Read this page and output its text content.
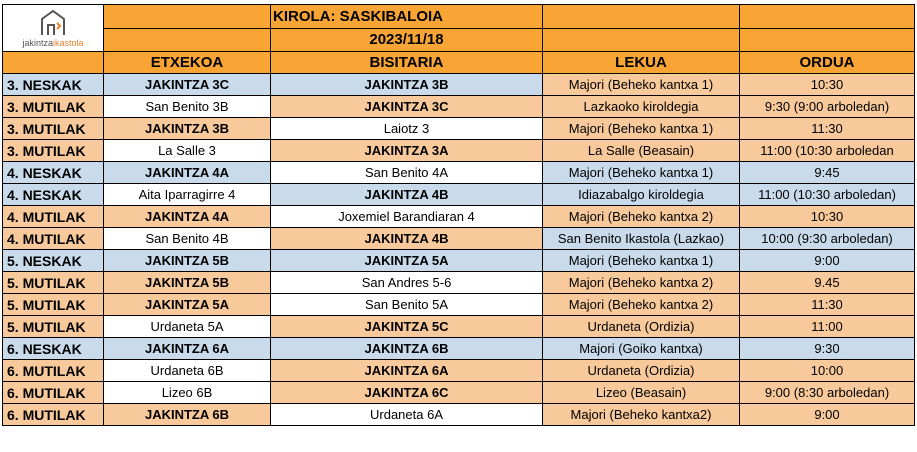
jakintzaikastola		KIROLA: SASKIBALOIA		
		2023/11/18		
	ETXEKOA	BISITARIA	LEKUA	ORDUA
3. NESKAK	JAKINTZA 3C	JAKINTZA 3B	Majori (Beheko kantxa 1)	10:30
3. MUTILAK	San Benito 3B	JAKINTZA 3C	Lazkaoko kiroldegia	9:30 (9:00 arboledan)
3. MUTILAK	JAKINTZA 3B	Laiotz 3	Majori (Beheko kantxa 1)	11:30
3. MUTILAK	La Salle 3	JAKINTZA 3A	La Salle (Beasain)	11:00 (10:30 arboledan
4. NESKAK	JAKINTZA 4A	San Benito 4A	Majori (Beheko kantxa 1)	9:45
4. NESKAK	Aita Iparragirre 4	JAKINTZA 4B	Idiazabalgo kiroldegia	11:00 (10:30 arboledan)
4. MUTILAK	JAKINTZA 4A	Joxemiel Barandiaran 4	Majori (Beheko kantxa 2)	10:30
4. MUTILAK	San Benito 4B	JAKINTZA 4B	San Benito Ikastola (Lazkao)	10:00 (9:30 arboledan)
5. NESKAK	JAKINTZA 5B	JAKINTZA 5A	Majori (Beheko kantxa 1)	9:00
5. MUTILAK	JAKINTZA 5B	San Andres 5-6	Majori (Beheko kantxa 2)	9.45
5. MUTILAK	JAKINTZA 5A	San Benito 5A	Majori (Beheko kantxa 2)	11:30
5. MUTILAK	Urdaneta 5A	JAKINTZA 5C	Urdaneta (Ordizia)	11:00
6. NESKAK	JAKINTZA 6A	JAKINTZA 6B	Majori (Goiko kantxa)	9:30
6. MUTILAK	Urdaneta 6B	JAKINTZA 6A	Urdaneta (Ordizia)	10:00
6. MUTILAK	Lizeo 6B	JAKINTZA 6C	Lizeo (Beasain)	9:00 (8:30 arboledan)
6. MUTILAK	JAKINTZA 6B	Urdaneta 6A	Majori (Beheko kantxa2)	9:00
